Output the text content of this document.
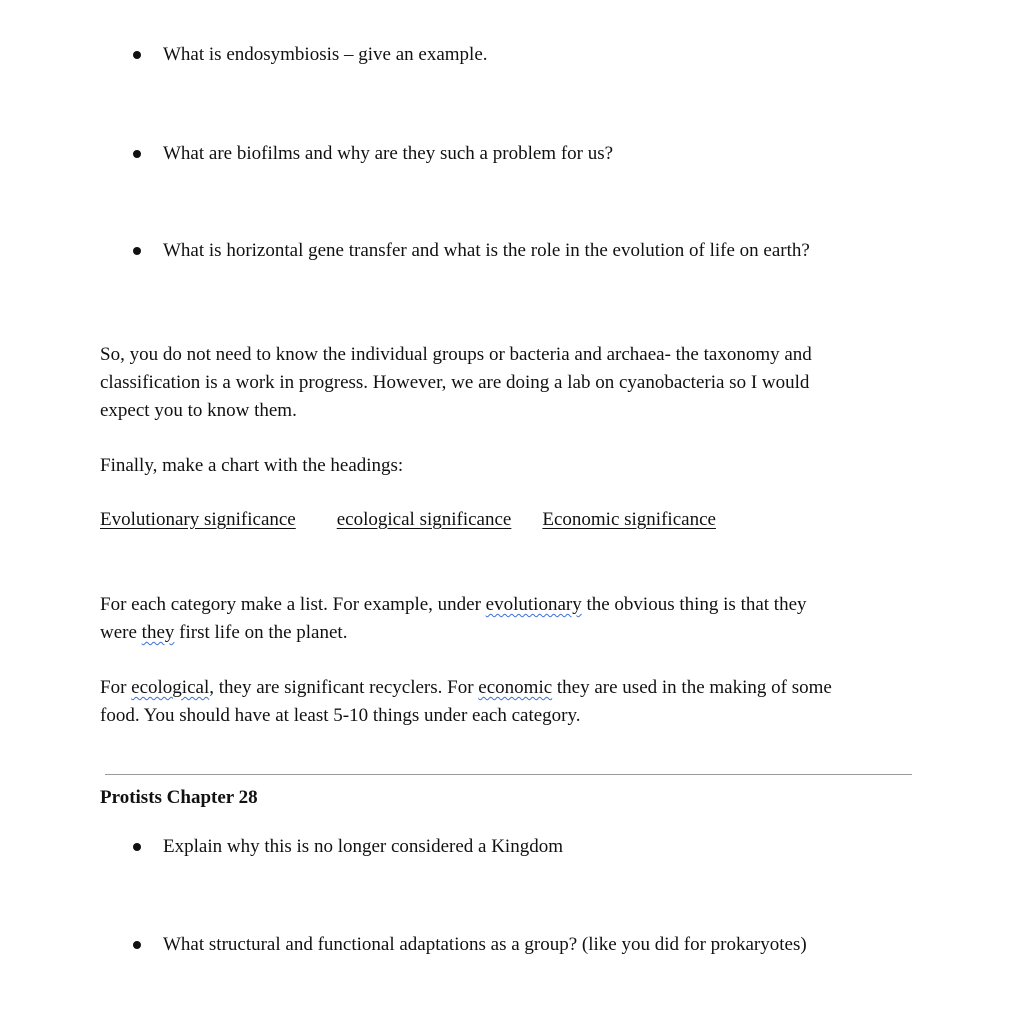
What is endosymbiosis – give an example.
What are biofilms and why are they such a problem for us?
What is horizontal gene transfer and what is the role in the evolution of life on earth?
So, you do not need to know the individual groups or bacteria and archaea- the taxonomy and
classification is a work in progress. However, we are doing a lab on cyanobacteria so I would
expect you to know them.
Finally, make a chart with the headings:
Evolutionary significance ecological significance Economic significance
For each category make a list. For example, under evolutionary the obvious thing is that they
were they first life on the planet.
For ecological, they are significant recyclers. For economic they are used in the making of some
food. You should have at least 5-10 things under each category.
Protists Chapter 28
Explain why this is no longer considered a Kingdom
What structural and functional adaptations as a group? (like you did for prokaryotes)
